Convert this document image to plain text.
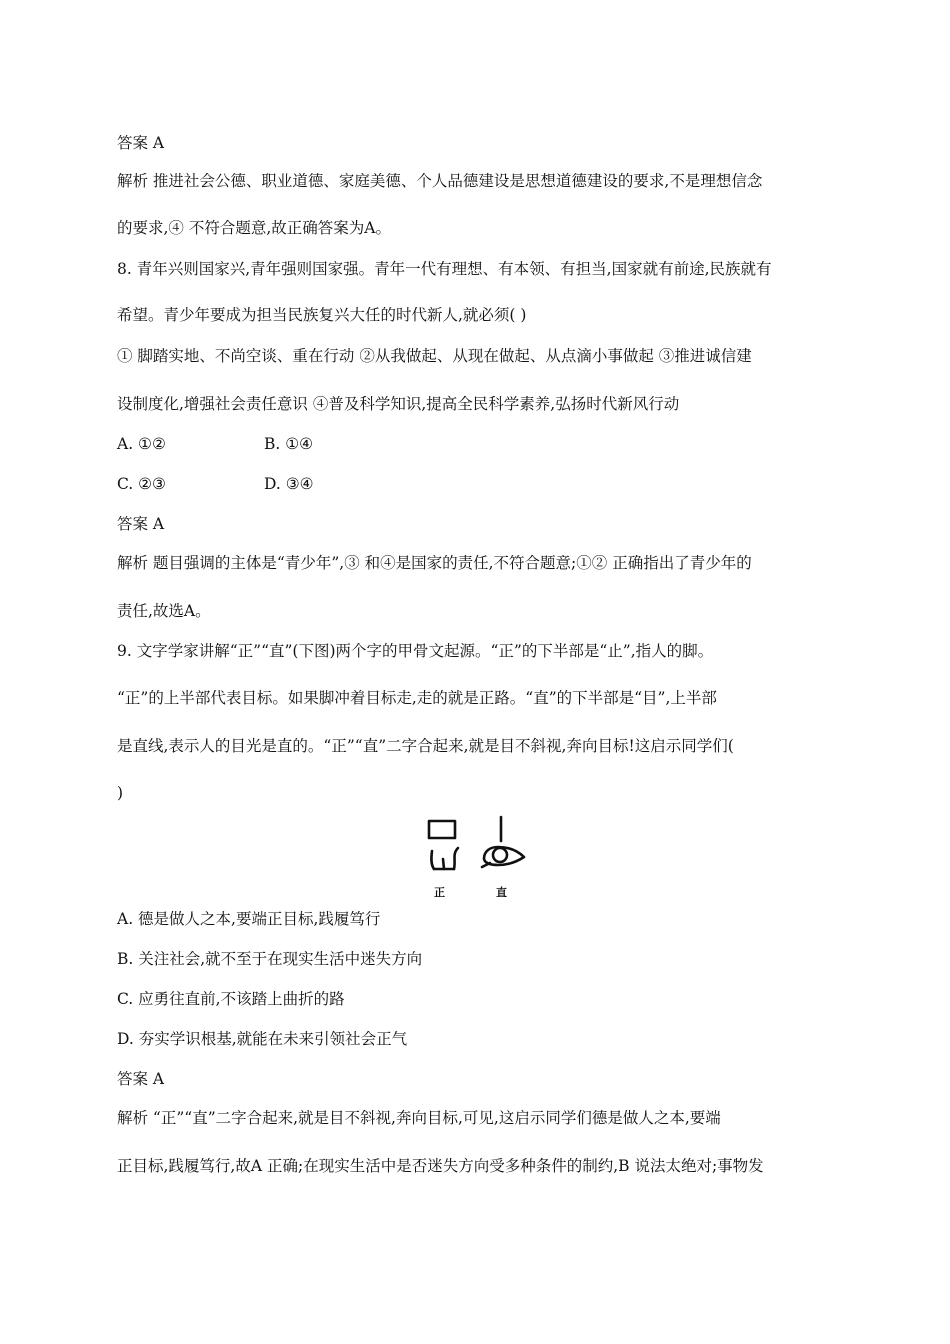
答案 A
解析 推进社会公德、职业道德、家庭美德、个人品德建设是思想道德建设的要求,不是理想信念
的要求,④ 不符合题意,故正确答案为A。
8. 青年兴则国家兴,青年强则国家强。青年一代有理想、有本领、有担当,国家就有前途,民族就有
希望。青少年要成为担当民族复兴大任的时代新人,就必须( )
① 脚踏实地、不尚空谈、重在行动 ②从我做起、从现在做起、从点滴小事做起 ③推进诚信建
设制度化,增强社会责任意识 ④普及科学知识,提高全民科学素养,弘扬时代新风行动
A. ①②	B. ①④
C. ②③	D. ③④
答案 A
解析 题目强调的主体是“青少年”,③ 和④是国家的责任,不符合题意;①② 正确指出了青少年的
责任,故选A。
9. 文字学家讲解“正”“直”(下图)两个字的甲骨文起源。“正”的下半部是“止”,指人的脚。
“正”的上半部代表目标。如果脚冲着目标走,走的就是正路。“直”的下半部是“目”,上半部
是直线,表示人的目光是直的。“正”“直”二字合起来,就是目不斜视,奔向目标!这启示同学们(
)
正	直
A. 德是做人之本,要端正目标,践履笃行
B. 关注社会,就不至于在现实生活中迷失方向
C. 应勇往直前,不该踏上曲折的路
D. 夯实学识根基,就能在未来引领社会正气
答案 A
解析 “正”“直”二字合起来,就是目不斜视,奔向目标,可见,这启示同学们德是做人之本,要端
正目标,践履笃行,故A 正确;在现实生活中是否迷失方向受多种条件的制约,B 说法太绝对;事物发
